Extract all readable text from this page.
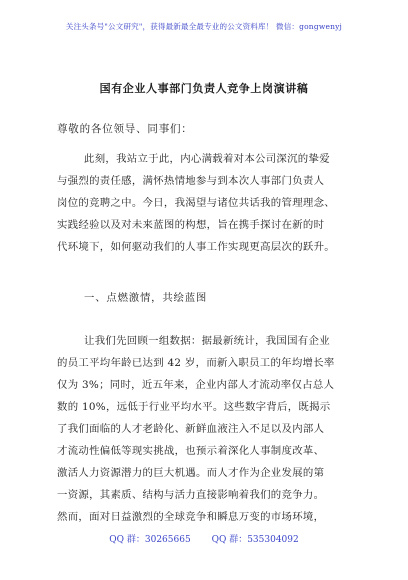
关注头条号"公文研究"，获得最新最全最专业的公文资料库！ 微信：gongwenyj
国有企业人事部门负责人竞争上岗演讲稿
尊敬的各位领导、同事们：
此刻，我站立于此，内心满载着对本公司深沉的挚爱
与强烈的责任感，满怀热情地参与到本次人事部门负责人
岗位的竞聘之中。今日，我渴望与诸位共话我的管理理念、
实践经验以及对未来蓝图的构想，旨在携手探讨在新的时
代环境下，如何驱动我们的人事工作实现更高层次的跃升。
一、点燃激情，共绘蓝图
让我们先回顾一组数据：据最新统计，我国国有企业
的员工平均年龄已达到 42 岁，而新入职员工的年均增长率
仅为 3%；同时，近五年来，企业内部人才流动率仅占总人
数的 10%，远低于行业平均水平。这些数字背后，既揭示
了我们面临的人才老龄化、新鲜血液注入不足以及内部人
才流动性偏低等现实挑战，也预示着深化人事制度改革、
激活人力资源潜力的巨大机遇。而人才作为企业发展的第
一资源，其素质、结构与活力直接影响着我们的竞争力。
然而，面对日益激烈的全球竞争和瞬息万变的市场环境，
QQ 群：30265665 QQ 群：535304092
